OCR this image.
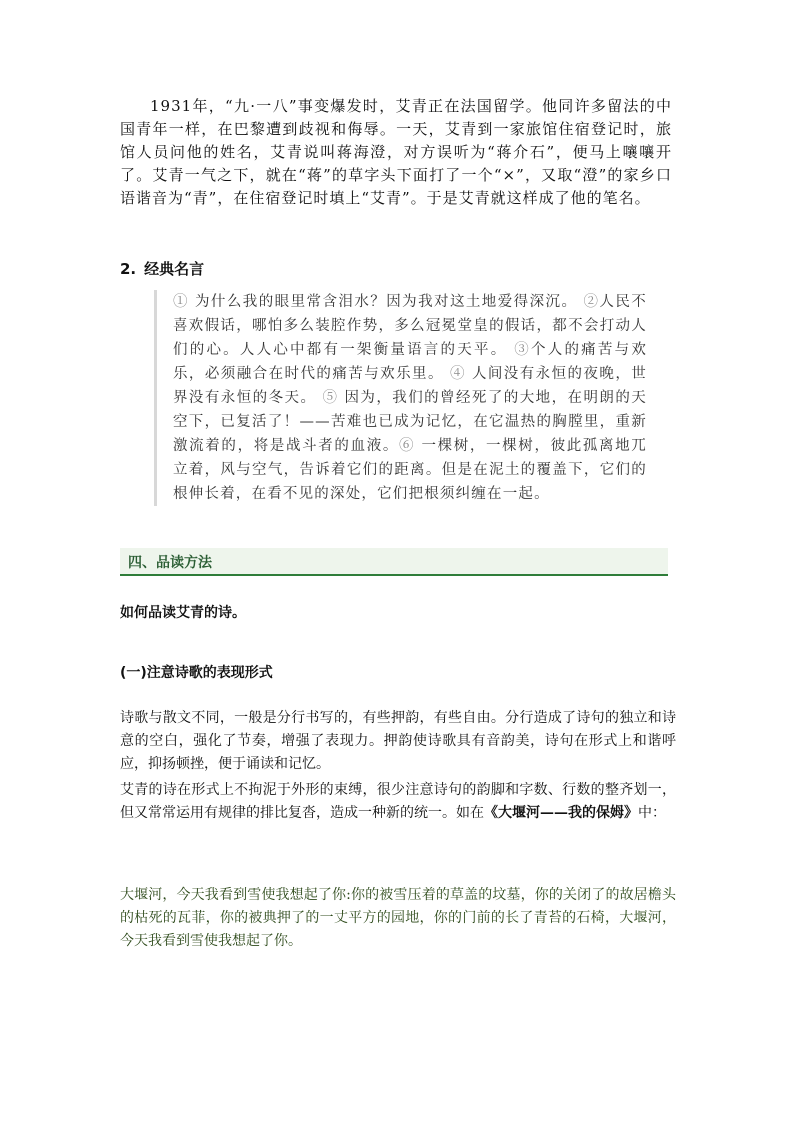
1931年，“九·一八”事变爆发时，艾青正在法国留学。他同许多留法的中国青年一样，在巴黎遭到歧视和侮辱。一天，艾青到一家旅馆住宿登记时，旅馆人员问他的姓名，艾青说叫蒋海澄，对方误听为“蒋介石”，便马上嚷嚷开了。艾青一气之下，就在“蒋”的草字头下面打了一个“×”，又取“澄”的家乡口语谐音为“青”，在住宿登记时填上“艾青”。于是艾青就这样成了他的笔名。
2. 经典名言
① 为什么我的眼里常含泪水？因为我对这土地爱得深沉。 ②人民不喜欢假话，哪怕多么装腔作势，多么冠冕堂皇的假话，都不会打动人们的心。人人心中都有一架衡量语言的天平。 ③个人的痛苦与欢乐，必须融合在时代的痛苦与欢乐里。 ④ 人间没有永恒的夜晚，世界没有永恒的冬天。 ⑤ 因为，我们的曾经死了的大地，在明朗的天空下，已复活了！——苦难也已成为记忆，在它温热的胸膛里，重新激流着的，将是战斗者的血液。⑥ 一棵树，一棵树，彼此孤离地兀立着，风与空气，告诉着它们的距离。但是在泥土的覆盖下，它们的根伸长着，在看不见的深处，它们把根须纠缠在一起。
四、品读方法
如何品读艾青的诗。
(一)注意诗歌的表现形式
诗歌与散文不同，一般是分行书写的，有些押韵，有些自由。分行造成了诗句的独立和诗意的空白，强化了节奏，增强了表现力。押韵使诗歌具有音韵美，诗句在形式上和谐呼应，抑扬顿挫，便于诵读和记忆。
艾青的诗在形式上不拘泥于外形的束缚，很少注意诗句的韵脚和字数、行数的整齐划一，但又常常运用有规律的排比复沓，造成一种新的统一。如在《大堰河——我的保姆》中：
大堰河，今天我看到雪使我想起了你:你的被雪压着的草盖的坟墓，你的关闭了的故居檐头的枯死的瓦菲，你的被典押了的一丈平方的园地，你的门前的长了青苔的石椅，大堰河，今天我看到雪使我想起了你。
